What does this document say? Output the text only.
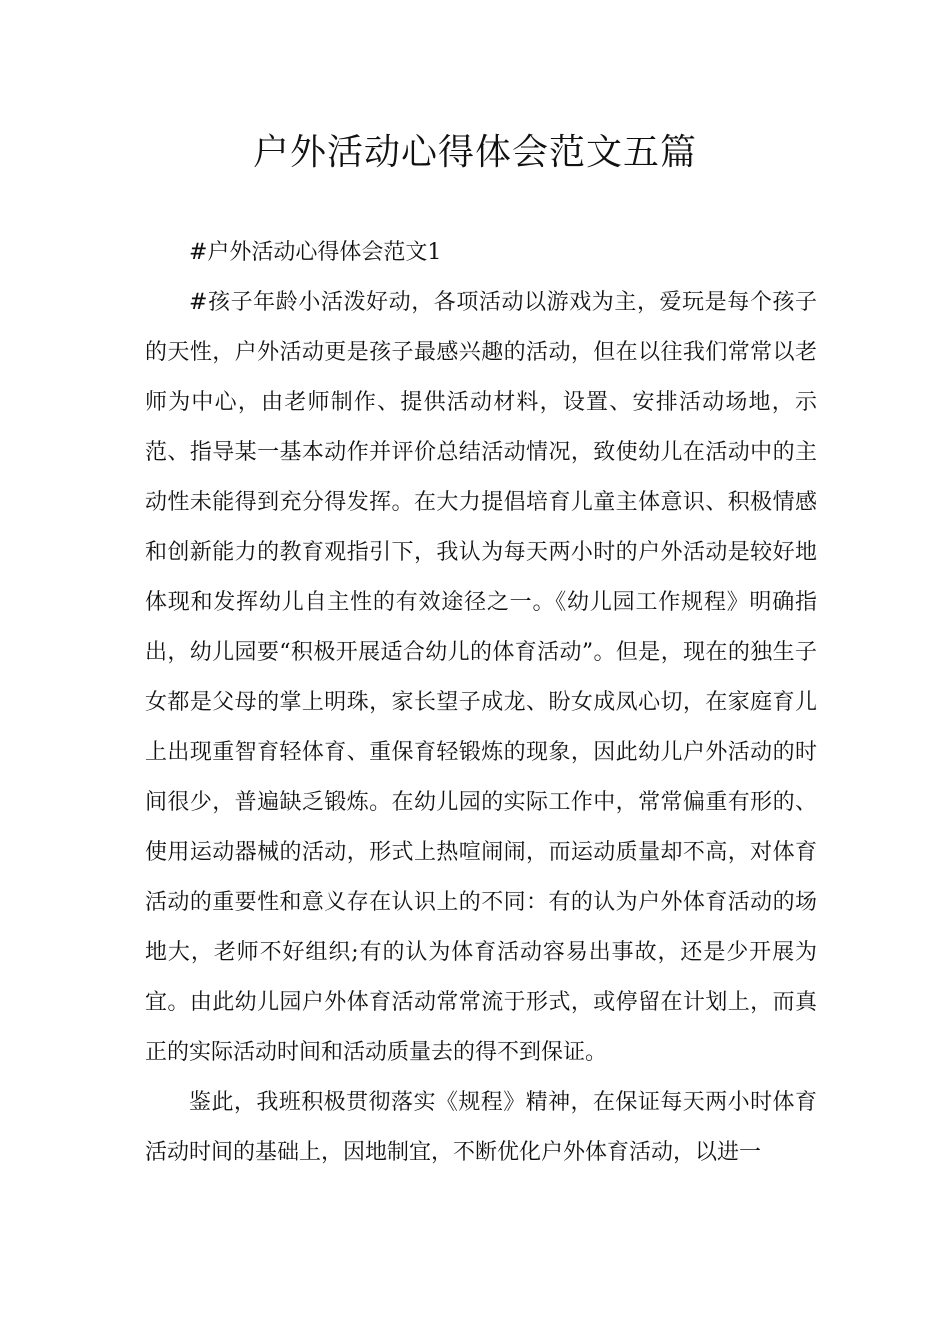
户外活动心得体会范文五篇

#户外活动心得体会范文1

#孩子年龄小活泼好动，各项活动以游戏为主，爱玩是每个孩子的天性，户外活动更是孩子最感兴趣的活动，但在以往我们常常以老师为中心，由老师制作、提供活动材料，设置、安排活动场地，示范、指导某一基本动作并评价总结活动情况，致使幼儿在活动中的主动性未能得到充分得发挥。在大力提倡培育儿童主体意识、积极情感和创新能力的教育观指引下，我认为每天两小时的户外活动是较好地体现和发挥幼儿自主性的有效途径之一。《幼儿园工作规程》明确指出，幼儿园要“积极开展适合幼儿的体育活动”。但是，现在的独生子女都是父母的掌上明珠，家长望子成龙、盼女成凤心切，在家庭育儿上出现重智育轻体育、重保育轻锻炼的现象，因此幼儿户外活动的时间很少，普遍缺乏锻炼。在幼儿园的实际工作中，常常偏重有形的、使用运动器械的活动，形式上热喧闹闹，而运动质量却不高，对体育活动的重要性和意义存在认识上的不同：有的认为户外体育活动的场地大，老师不好组织;有的认为体育活动容易出事故，还是少开展为宜。由此幼儿园户外体育活动常常流于形式，或停留在计划上，而真正的实际活动时间和活动质量去的得不到保证。

鉴此，我班积极贯彻落实《规程》精神，在保证每天两小时体育活动时间的基础上，因地制宜，不断优化户外体育活动，以进一
